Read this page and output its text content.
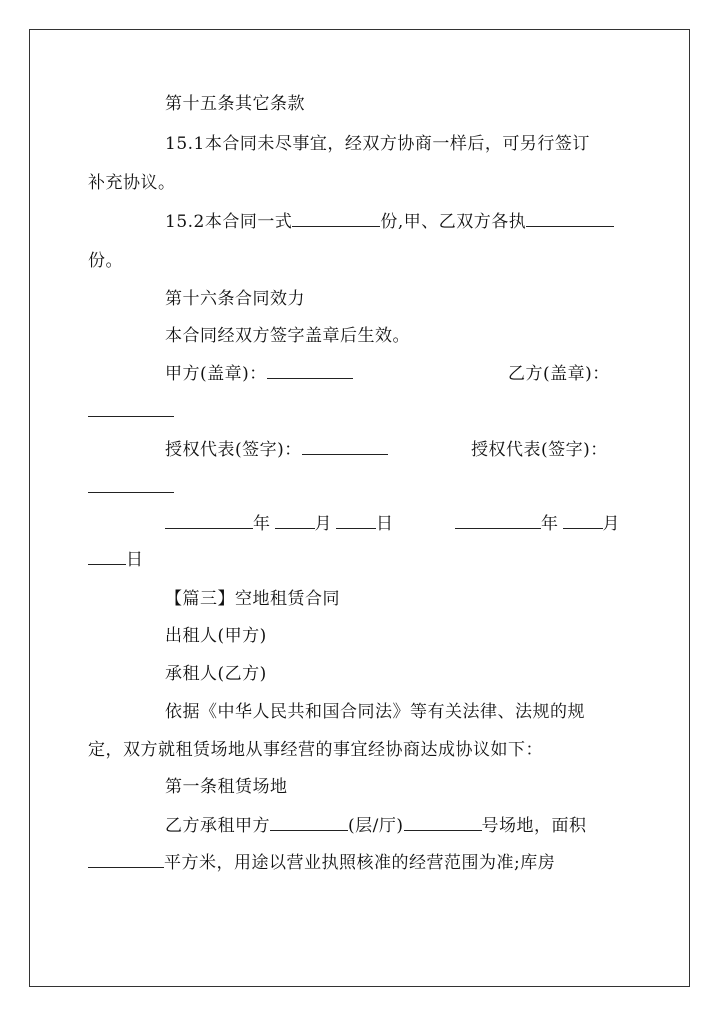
第十五条其它条款
15.1本合同未尽事宜，经双方协商一样后，可另行签订
补充协议。
15.2本合同一式	份,甲、乙双方各执
份。
第十六条合同效力
本合同经双方签字盖章后生效。
甲方(盖章)：	乙方(盖章)：
授权代表(签字)：	授权代表(签字)：
年	月	日	年	月
日
【篇三】空地租赁合同
出租人(甲方)
承租人(乙方)
依据《中华人民共和国合同法》等有关法律、法规的规
定，双方就租赁场地从事经营的事宜经协商达成协议如下：
第一条租赁场地
乙方承租甲方	(层/厅)	号场地，面积
平方米，用途以营业执照核准的经营范围为准;库房
